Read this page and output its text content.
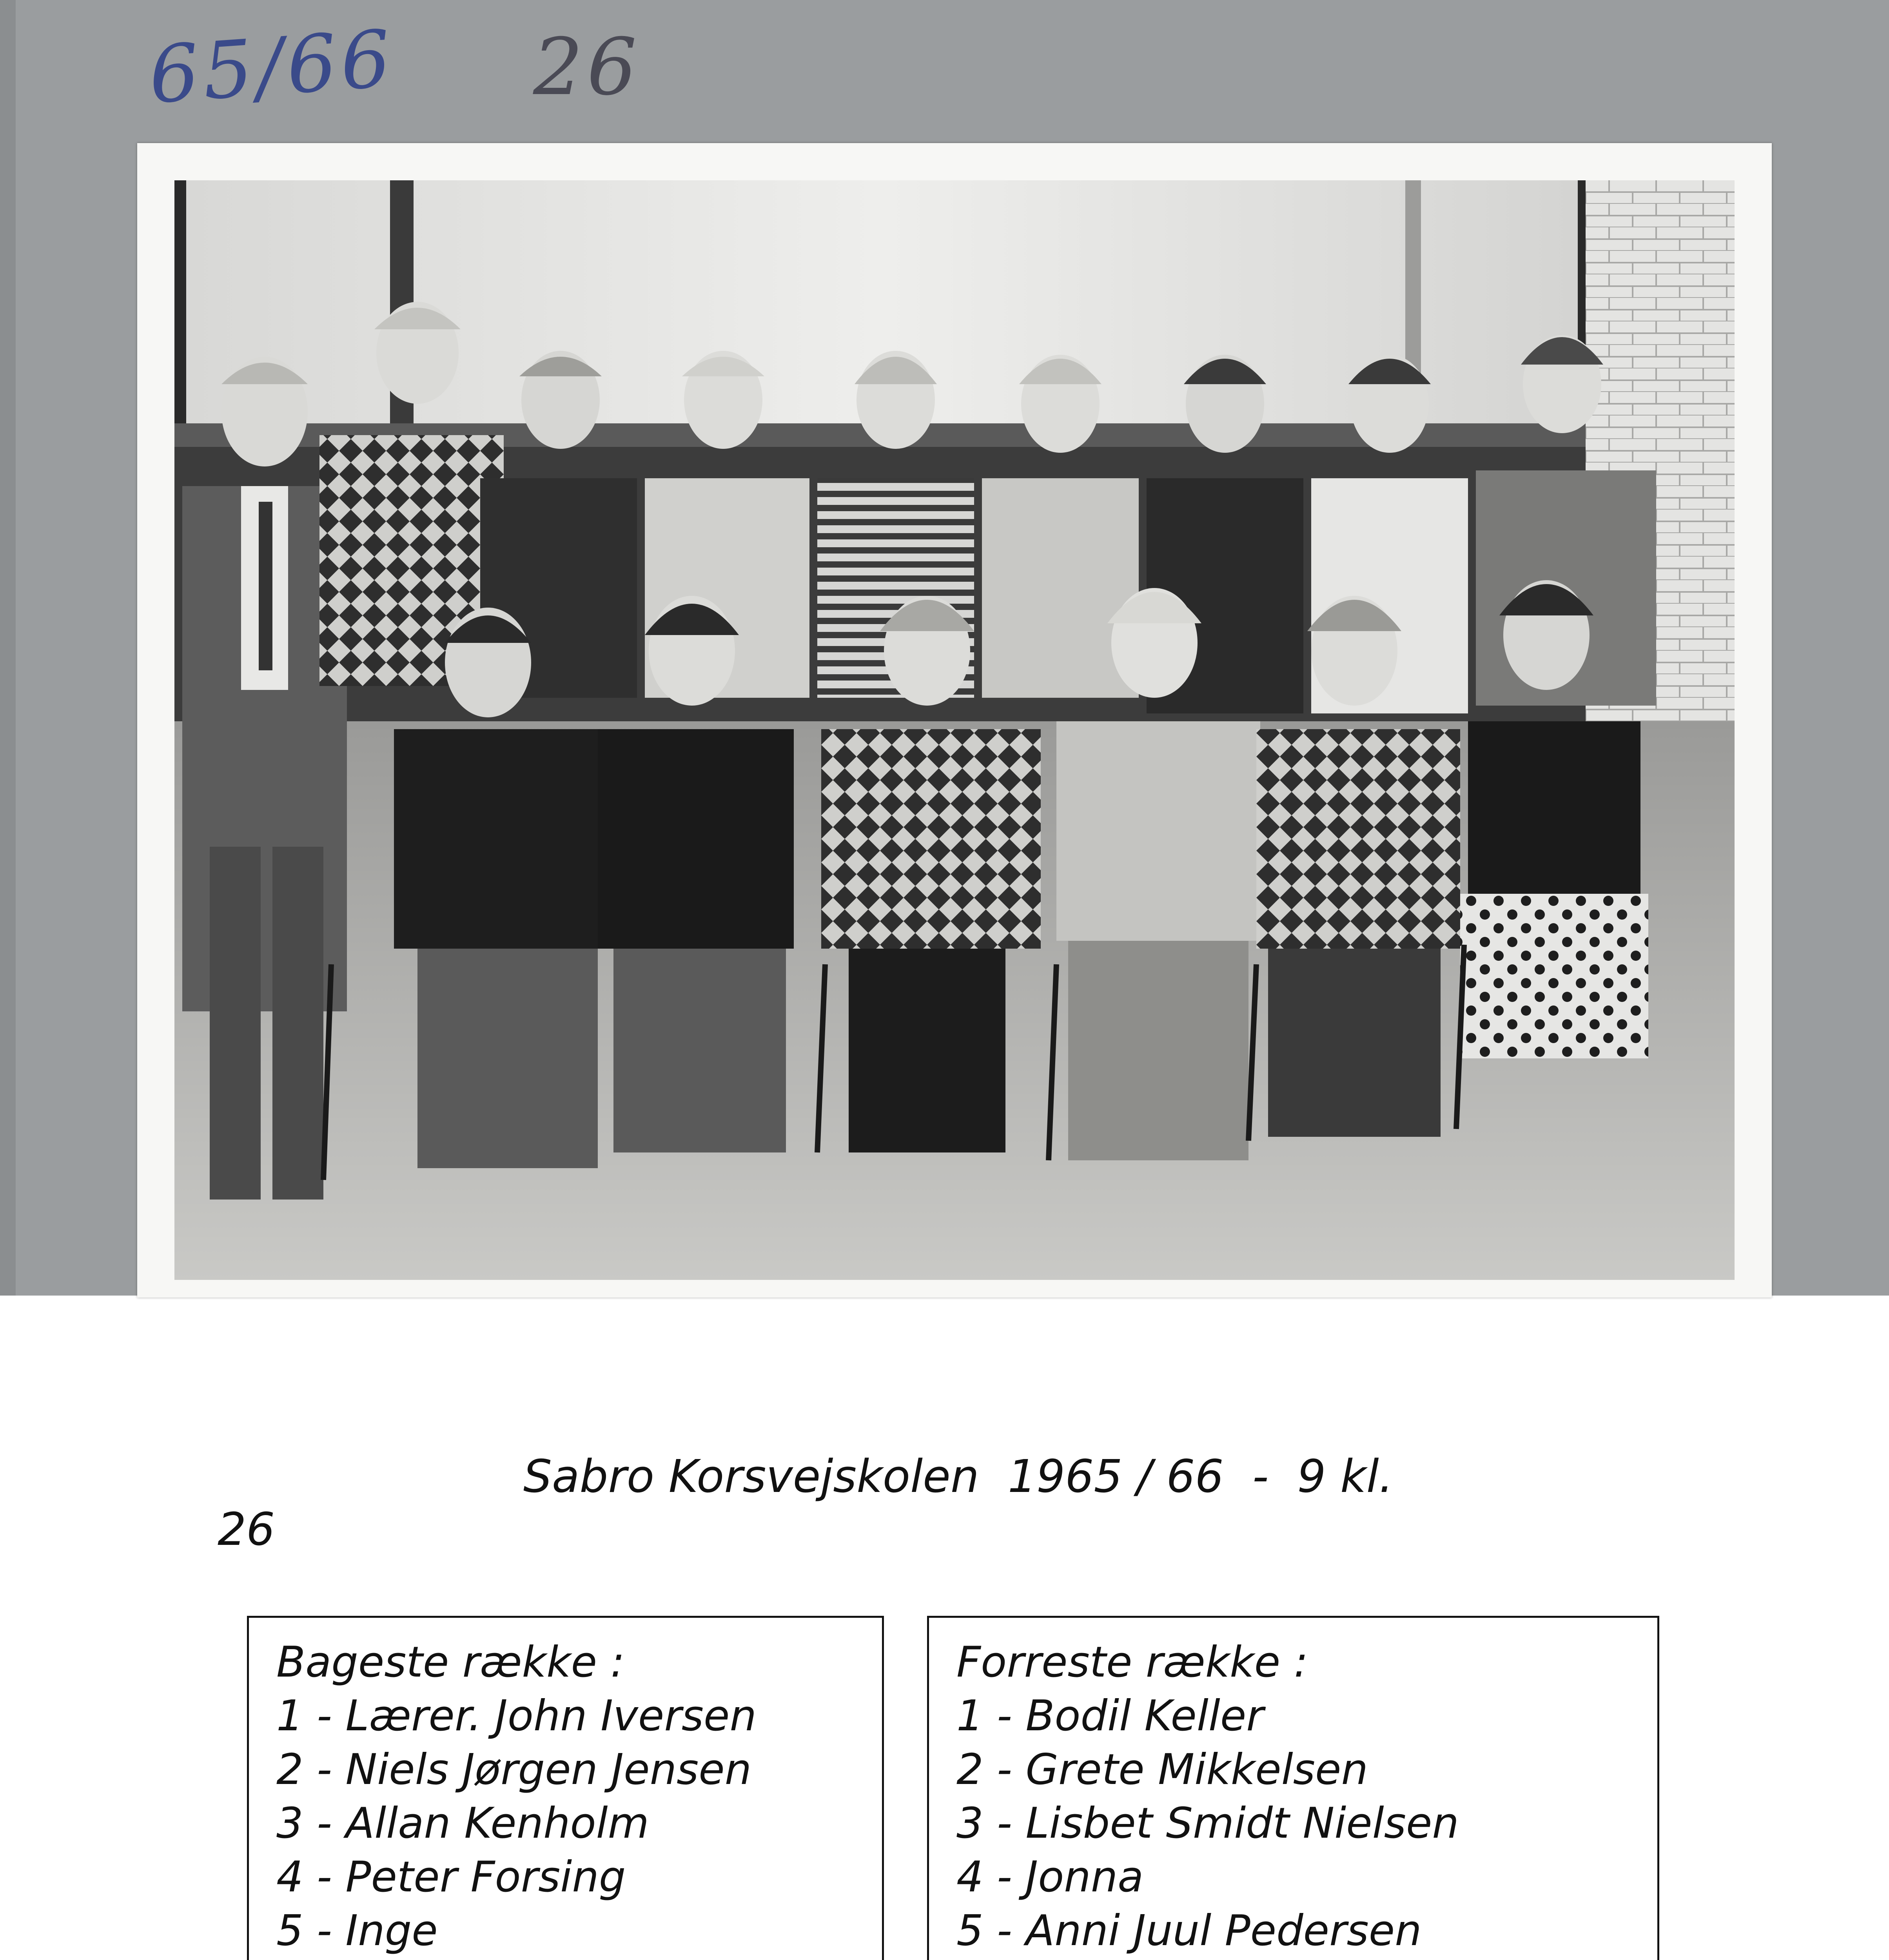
65/66 26
Sabro Korsvejskolen  1965 / 66  -  9 kl.
26
Bageste række :
1 - Lærer. John Iversen
2 - Niels Jørgen Jensen
3 - Allan Kenholm
4 - Peter Forsing
5 - Inge
Forreste række :
1 - Bodil Keller
2 - Grete Mikkelsen
3 - Lisbet Smidt Nielsen
4 - Jonna
5 - Anni Juul Pedersen
